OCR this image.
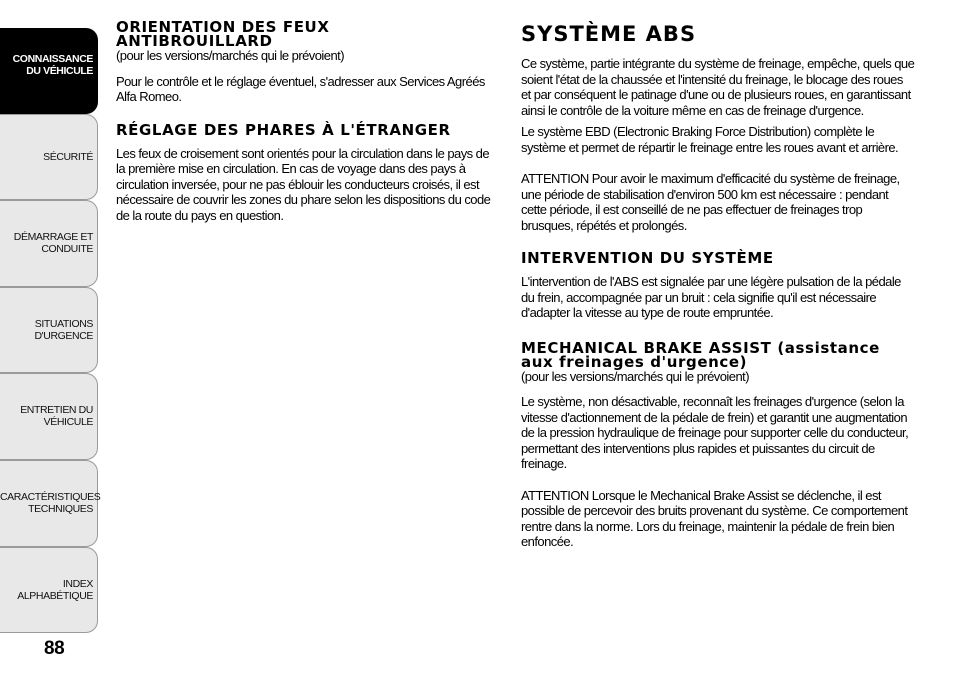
CONNAISSANCE
DU VÉHICULE
SÉCURITÉ
DÉMARRAGE ET
CONDUITE
SITUATIONS
D'URGENCE
ENTRETIEN DU
VÉHICULE
CARACTÉRISTIQUES
TECHNIQUES
INDEX
ALPHABÉTIQUE
88
ORIENTATION DES FEUX
ANTIBROUILLARD

(pour les versions/marchés qui le prévoient)

Pour le contrôle et le réglage éventuel, s'adresser aux Services Agréés Alfa Romeo.

RÉGLAGE DES PHARES À L'ÉTRANGER

Les feux de croisement sont orientés pour la circulation dans le pays de la première mise en circulation. En cas de voyage dans des pays à circulation inversée, pour ne pas éblouir les conducteurs croisés, il est nécessaire de couvrir les zones du phare selon les dispositions du code de la route du pays en question.

SYSTÈME ABS

Ce système, partie intégrante du système de freinage, empêche, quels que soient l'état de la chaussée et l'intensité du freinage, le blocage des roues et par conséquent le patinage d'une ou de plusieurs roues, en garantissant ainsi le contrôle de la voiture même en cas de freinage d'urgence.

Le système EBD (Electronic Braking Force Distribution) complète le système et permet de répartir le freinage entre les roues avant et arrière.

ATTENTION Pour avoir le maximum d'efficacité du système de freinage, une période de stabilisation d'environ 500 km est nécessaire : pendant cette période, il est conseillé de ne pas effectuer de freinages trop brusques, répétés et prolongés.

INTERVENTION DU SYSTÈME

L'intervention de l'ABS est signalée par une légère pulsation de la pédale du frein, accompagnée par un bruit : cela signifie qu'il est nécessaire d'adapter la vitesse au type de route empruntée.

MECHANICAL BRAKE ASSIST (assistance
aux freinages d'urgence)

(pour les versions/marchés qui le prévoient)

Le système, non désactivable, reconnaît les freinages d'urgence (selon la vitesse d'actionnement de la pédale de frein) et garantit une augmentation de la pression hydraulique de freinage pour supporter celle du conducteur, permettant des interventions plus rapides et puissantes du circuit de freinage.

ATTENTION Lorsque le Mechanical Brake Assist se déclenche, il est possible de percevoir des bruits provenant du système. Ce comportement rentre dans la norme. Lors du freinage, maintenir la pédale de frein bien enfoncée.
